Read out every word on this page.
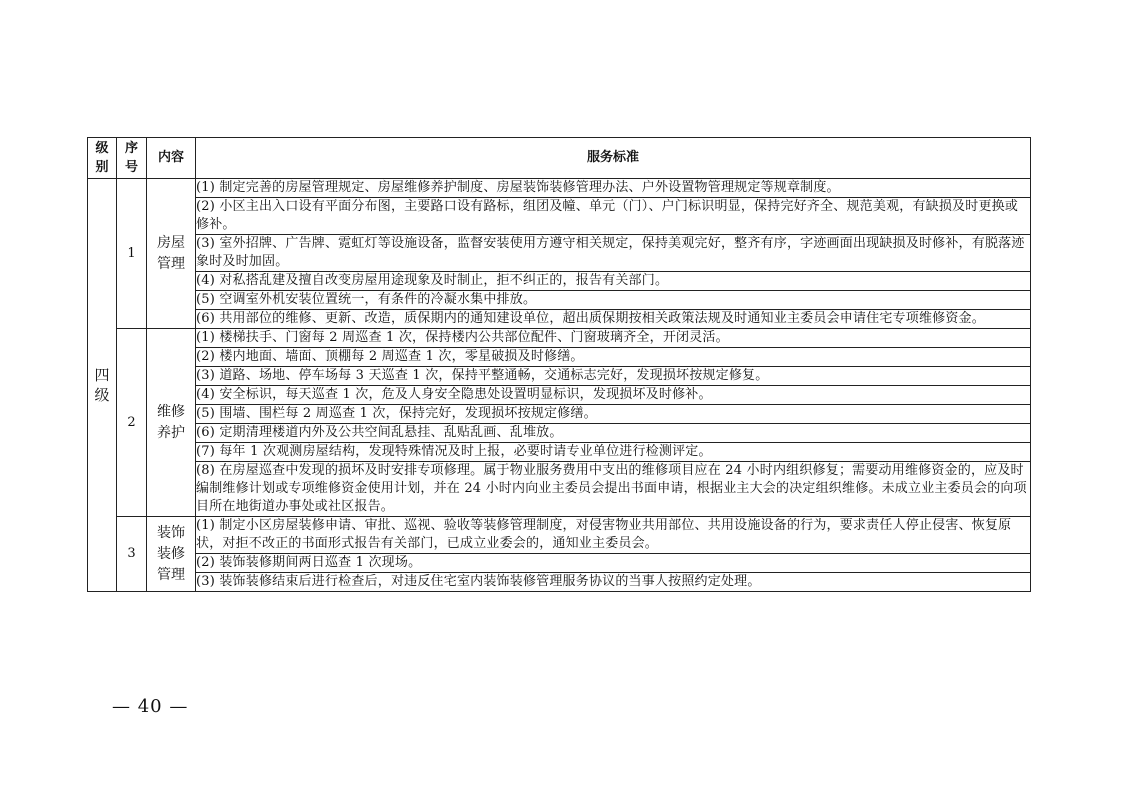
级别	序号	内容	服务标准
四级	1	房屋管理	(1) 制定完善的房屋管理规定、房屋维修养护制度、房屋装饰装修管理办法、户外设置物管理规定等规章制度。
			(2) 小区主出入口设有平面分布图，主要路口设有路标，组团及幢、单元（门）、户门标识明显，保持完好齐全、规范美观，有缺损及时更换或修补。
			(3) 室外招牌、广告牌、霓虹灯等设施设备，监督安装使用方遵守相关规定，保持美观完好，整齐有序，字迹画面出现缺损及时修补，有脱落迹象时及时加固。
			(4) 对私搭乱建及擅自改变房屋用途现象及时制止，拒不纠正的，报告有关部门。
			(5) 空调室外机安装位置统一，有条件的冷凝水集中排放。
			(6) 共用部位的维修、更新、改造，质保期内的通知建设单位，超出质保期按相关政策法规及时通知业主委员会申请住宅专项维修资金。
	2	维修养护	(1) 楼梯扶手、门窗每 2 周巡查 1 次，保持楼内公共部位配件、门窗玻璃齐全，开闭灵活。
			(2) 楼内地面、墙面、顶棚每 2 周巡查 1 次，零星破损及时修缮。
			(3) 道路、场地、停车场每 3 天巡查 1 次，保持平整通畅，交通标志完好，发现损坏按规定修复。
			(4) 安全标识，每天巡查 1 次，危及人身安全隐患处设置明显标识，发现损坏及时修补。
			(5) 围墙、围栏每 2 周巡查 1 次，保持完好，发现损坏按规定修缮。
			(6) 定期清理楼道内外及公共空间乱悬挂、乱贴乱画、乱堆放。
			(7) 每年 1 次观测房屋结构，发现特殊情况及时上报，必要时请专业单位进行检测评定。
			(8) 在房屋巡查中发现的损坏及时安排专项修理。属于物业服务费用中支出的维修项目应在 24 小时内组织修复；需要动用维修资金的，应及时编制维修计划或专项维修资金使用计划，并在 24 小时内向业主委员会提出书面申请，根据业主大会的决定组织维修。未成立业主委员会的向项目所在地街道办事处或社区报告。
	3	装饰装修管理	(1) 制定小区房屋装修申请、审批、巡视、验收等装修管理制度，对侵害物业共用部位、共用设施设备的行为，要求责任人停止侵害、恢复原状，对拒不改正的书面形式报告有关部门，已成立业委会的，通知业主委员会。
			(2) 装饰装修期间两日巡查 1 次现场。
			(3) 装饰装修结束后进行检查后，对违反住宅室内装饰装修管理服务协议的当事人按照约定处理。
— 40 —
